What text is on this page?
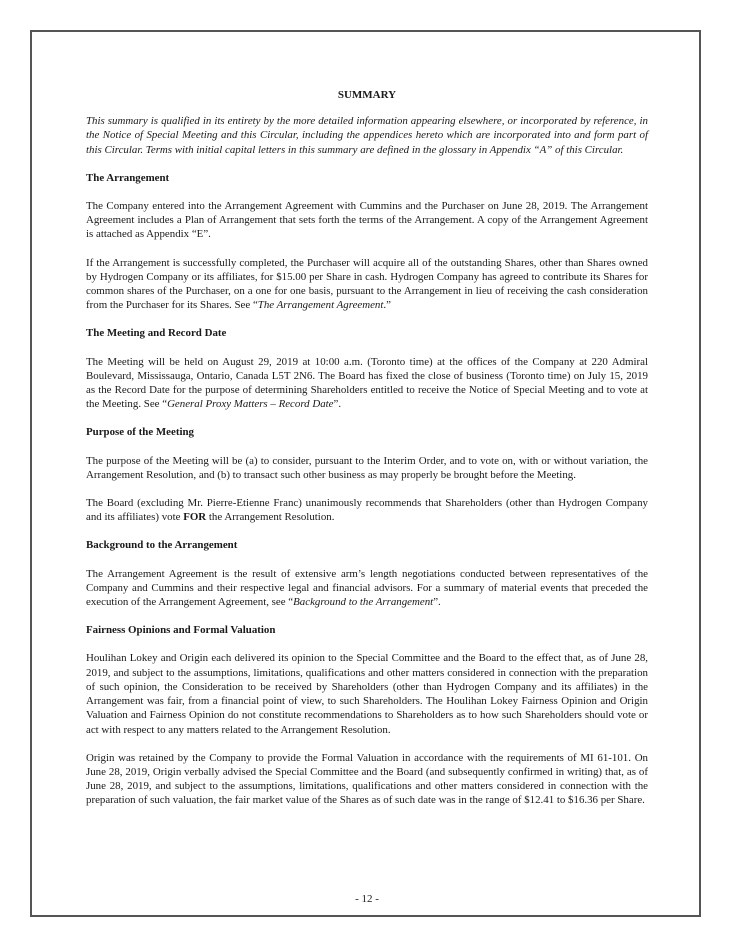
SUMMARY

This summary is qualified in its entirety by the more detailed information appearing elsewhere, or incorporated by reference, in the Notice of Special Meeting and this Circular, including the appendices hereto which are incorporated into and form part of this Circular. Terms with initial capital letters in this summary are defined in the glossary in Appendix “A” of this Circular.

The Arrangement

The Company entered into the Arrangement Agreement with Cummins and the Purchaser on June 28, 2019. The Arrangement Agreement includes a Plan of Arrangement that sets forth the terms of the Arrangement. A copy of the Arrangement Agreement is attached as Appendix “E”.

If the Arrangement is successfully completed, the Purchaser will acquire all of the outstanding Shares, other than Shares owned by Hydrogen Company or its affiliates, for $15.00 per Share in cash. Hydrogen Company has agreed to contribute its Shares for common shares of the Purchaser, on a one for one basis, pursuant to the Arrangement in lieu of receiving the cash consideration from the Purchaser for its Shares. See “The Arrangement Agreement.”

The Meeting and Record Date

The Meeting will be held on August 29, 2019 at 10:00 a.m. (Toronto time) at the offices of the Company at 220 Admiral Boulevard, Mississauga, Ontario, Canada L5T 2N6. The Board has fixed the close of business (Toronto time) on July 15, 2019 as the Record Date for the purpose of determining Shareholders entitled to receive the Notice of Special Meeting and to vote at the Meeting. See “General Proxy Matters – Record Date”.

Purpose of the Meeting

The purpose of the Meeting will be (a) to consider, pursuant to the Interim Order, and to vote on, with or without variation, the Arrangement Resolution, and (b) to transact such other business as may properly be brought before the Meeting.

The Board (excluding Mr. Pierre-Etienne Franc) unanimously recommends that Shareholders (other than Hydrogen Company and its affiliates) vote FOR the Arrangement Resolution.

Background to the Arrangement

The Arrangement Agreement is the result of extensive arm’s length negotiations conducted between representatives of the Company and Cummins and their respective legal and financial advisors. For a summary of material events that preceded the execution of the Arrangement Agreement, see “Background to the Arrangement”.

Fairness Opinions and Formal Valuation

Houlihan Lokey and Origin each delivered its opinion to the Special Committee and the Board to the effect that, as of June 28, 2019, and subject to the assumptions, limitations, qualifications and other matters considered in connection with the preparation of such opinion, the Consideration to be received by Shareholders (other than Hydrogen Company and its affiliates) in the Arrangement was fair, from a financial point of view, to such Shareholders. The Houlihan Lokey Fairness Opinion and Origin Valuation and Fairness Opinion do not constitute recommendations to Shareholders as to how such Shareholders should vote or act with respect to any matters related to the Arrangement Resolution.

Origin was retained by the Company to provide the Formal Valuation in accordance with the requirements of MI 61-101. On June 28, 2019, Origin verbally advised the Special Committee and the Board (and subsequently confirmed in writing) that, as of June 28, 2019, and subject to the assumptions, limitations, qualifications and other matters considered in connection with the preparation of such valuation, the fair market value of the Shares as of such date was in the range of $12.41 to $16.36 per Share.

- 12 -
